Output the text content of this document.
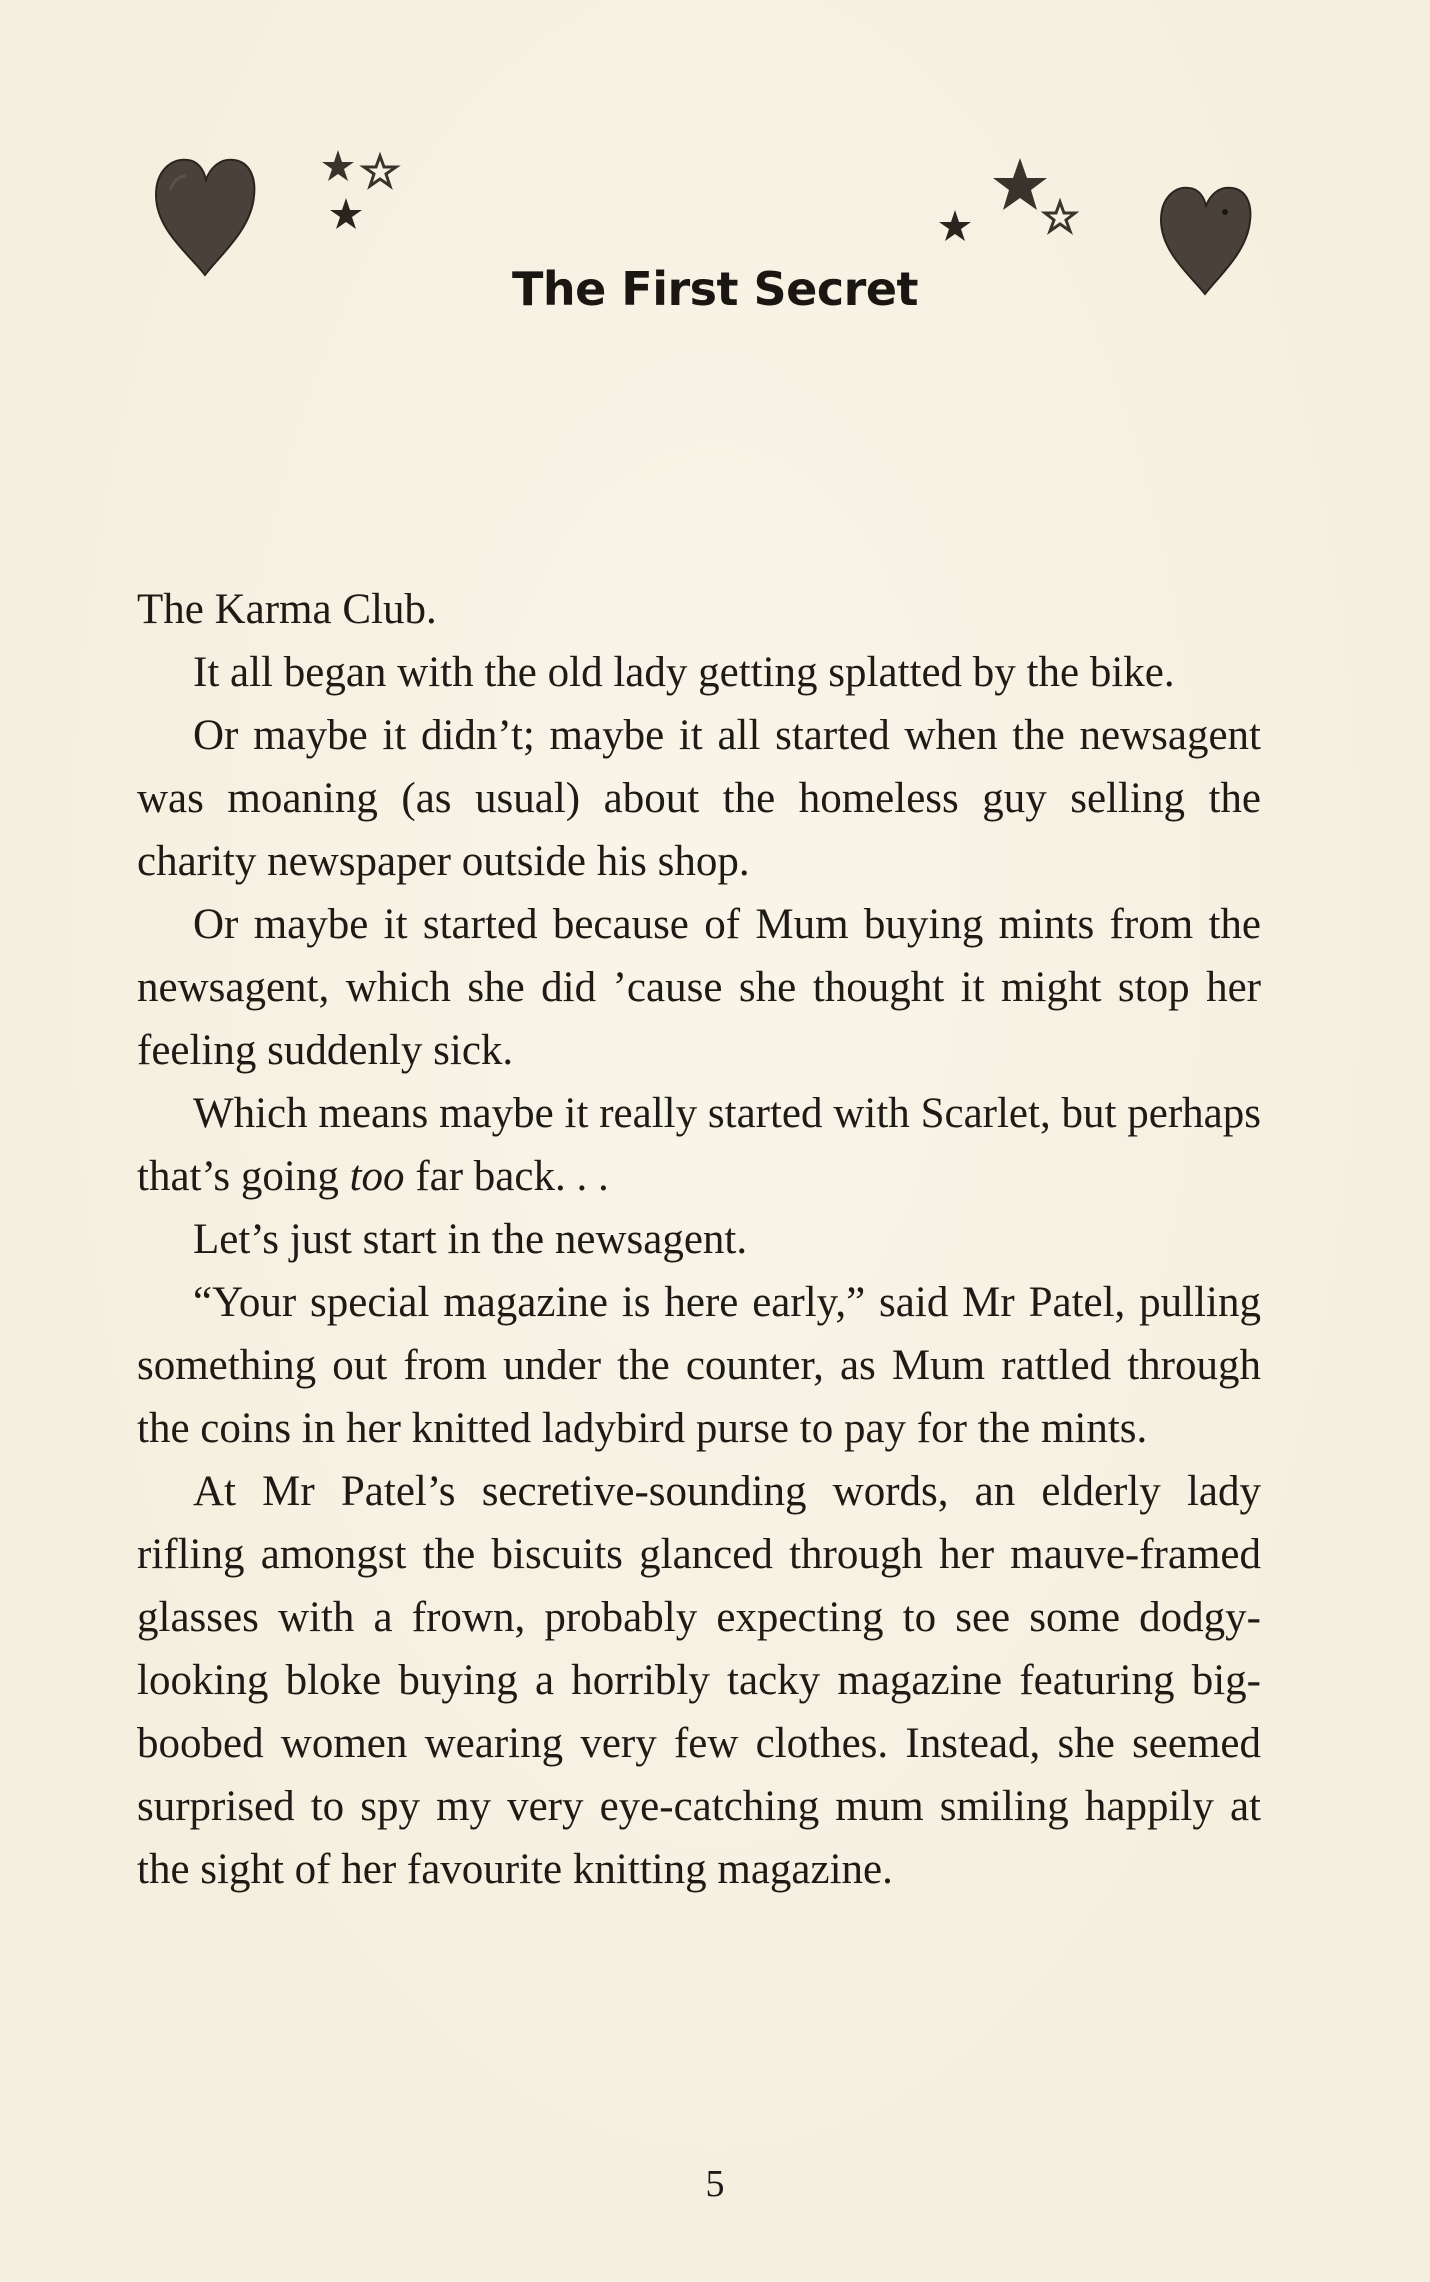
The First Secret

The Karma Club.

It all began with the old lady getting splatted by the bike.

Or maybe it didn’t; maybe it all started when the newsagent was moaning (as usual) about the homeless guy selling the charity newspaper outside his shop.

Or maybe it started because of Mum buying mints from the newsagent, which she did ’cause she thought it might stop her feeling suddenly sick.

Which means maybe it really started with Scarlet, but perhaps that’s going too far back. . .

Let’s just start in the newsagent.

“Your special magazine is here early,” said Mr Patel, pulling something out from under the counter, as Mum rattled through the coins in her knitted ladybird purse to pay for the mints.

At Mr Patel’s secretive-sounding words, an elderly lady rifling amongst the biscuits glanced through her mauve-framed glasses with a frown, probably expecting to see some dodgy-looking bloke buying a horribly tacky magazine featuring big-boobed women wearing very few clothes. Instead, she seemed surprised to spy my very eye-catching mum smiling happily at the sight of her favourite knitting magazine.

5
